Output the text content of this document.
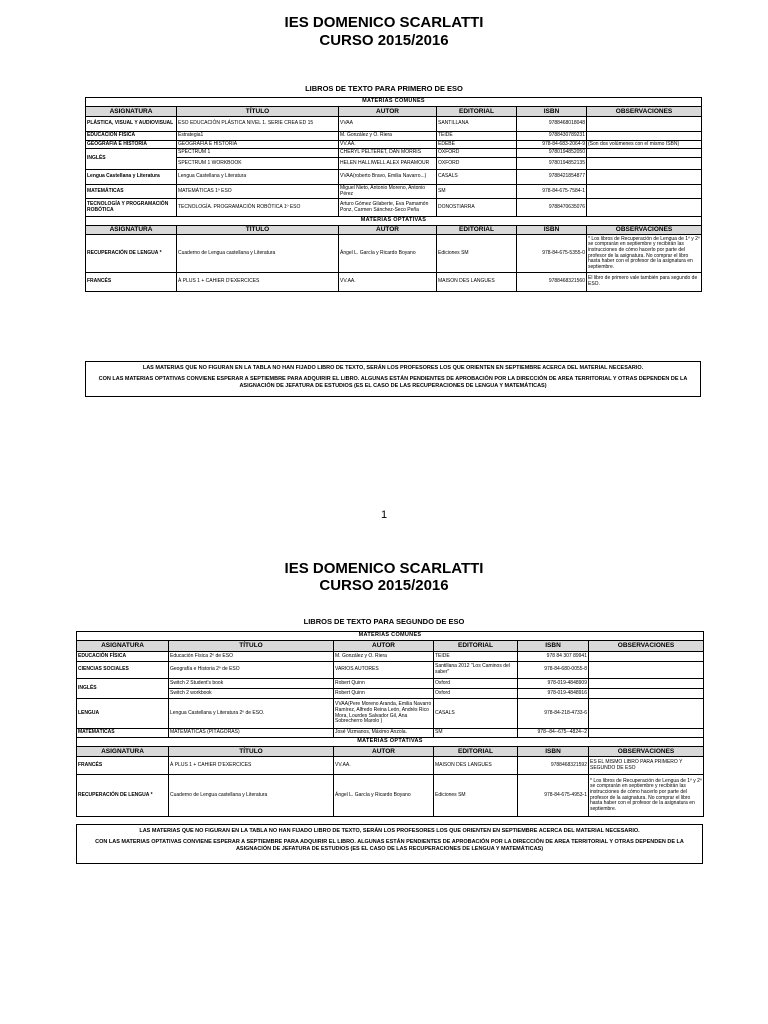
IES DOMENICO SCARLATTI
CURSO 2015/2016
LIBROS DE TEXTO PARA PRIMERO DE ESO
MATERIAS COMUNES					
ASIGNATURA	TÍTULO	AUTOR	EDITORIAL	ISBN	OBSERVACIONES
PLÁSTICA, VISUAL Y AUDIOVISUAL	ESO EDUCACIÓN PLÁSTICA NIVEL 1. SERIE CREA ED 15	VVAA	SANTILLANA	9788468018048	
EDUCACIÓN FÍSICA	Estrategia1	M. González y O. Riera	TEIDE	9788430789231	
GEOGRAFÍA E HISTORIA	GEOGRAFÍA E HISTORIA	VV.AA.	EDEBÉ	978-84-683-2064-9	(Son dos volúmenes con el mismo ISBN)
INGLÉS	SPECTRUM 1	CHERYL PELTERET, DAN MORRIS	OXFORD	9780194852050	
	SPECTRUM 1 WORKBOOK	HELEN HALLIWELL ALEX PARAMOUR	OXFORD	9780194852135	
Lengua Castellana y Literatura	Lengua Castellana y Literatura	VVAA(roberto Bravo, Emilia Navarro...)	CASALS	9788421854877	
MATEMÁTICAS	MATEMÁTICAS 1º ESO	Miguel Nieto, Antonio Moreno, Antonio Pérez	SM	978-84-675-7584-1	
TECNOLOGÍA Y PROGRAMACIÓN ROBÓTICA	TECNOLOGÍA. PROGRAMACIÓN ROBÓTICA 1º ESO	Arturo Gómez Gilaberte, Eva Pamamón Ponz, Carmen Sánchez-Seco Peña	DONOSTIARRA	9788470635076	
MATERIAS OPTATIVAS					
ASIGNATURA	TÍTULO	AUTOR	EDITORIAL	ISBN	OBSERVACIONES
RECUPERACIÓN DE LENGUA *	Cuaderno de Lengua castellana y Literatura	Ángel L. García y Ricardo Boyano	Ediciones SM	978-84-675-5355-0	* Los libros de Recuperación de Lengua de 1º y 2º se comprarán en septiembre y recibirán las instrucciones de cómo hacerlo por parte del profesor de la asignatura. No comprar el libro hasta haber con el profesor de la asignatura en septiembre.
FRANCÉS	À PLUS 1 + CAHIER D'EXERCICES	VV.AA.	MAISON DES LANGUES	9788468321560	El libro de primero vale también para segundo de ESO.

LAS MATERIAS QUE NO FIGURAN EN LA TABLA NO HAN FIJADO LIBRO DE TEXTO, SERÁN LOS PROFESORES LOS QUE ORIENTEN EN SEPTIEMBRE ACERCA DEL MATERIAL NECESARIO.

CON LAS MATERIAS OPTATIVAS CONVIENE ESPERAR A SEPTIEMBRE PARA ADQUIRIR EL LIBRO. ALGUNAS ESTÁN PENDIENTES DE APROBACIÓN POR LA DIRECCIÓN DE AREA TERRITORIAL Y OTRAS DEPENDEN DE LA ASIGNACIÓN DE JEFATURA DE ESTUDIOS (ES EL CASO DE LAS RECUPERACIONES DE LENGUA Y MATEMÁTICAS)

1
IES DOMENICO SCARLATTI
CURSO 2015/2016
LIBROS DE TEXTO PARA SEGUNDO DE ESO
MATERIAS COMUNES					
ASIGNATURA	TÍTULO	AUTOR	EDITORIAL	ISBN	OBSERVACIONES
EDUCACIÓN FÍSICA	Educación Física 2º de ESO	M. González y O. Riera	TEIDE	978 84 307 89941	
CIENCIAS SOCIALES	Geografía e Historia 2º de ESO	VARIOS AUTORES	Santillana 2012 "Los Caminos del saber"	978-84-680-0055-8	
INGLÉS	Switch 2 Student's book	Robert Quinn	Oxford	978-019-4848909	
	Switch 2 workbook	Robert Quinn	Oxford	978-019-4848916	
LENGUA	Lengua Castellana y Literatura 2º de ESO.	VVAA(Pere Moreno Aranda, Emilia Navarro Ramírez, Alfredo Reina León, Andrés Rico Mora, Lourdes Salvador Gil, Ana Sobrecherro Marolo )	CASALS	978-84-218-4733-6	
MATEMÁTICAS	MATEMÁTICAS (PITÁGORAS)	José Vizmanos, Máximo Anzola.	SM	978--84--675--4824--2	
MATERIAS OPTATIVAS					
ASIGNATURA	TÍTULO	AUTOR	EDITORIAL	ISBN	OBSERVACIONES
FRANCÉS	À PLUS 1 + CAHIER D'EXERCICES	VV.AA.	MAISON DES LANGUES	9788468321592	ES EL MISMO LIBRO PARA PRIMERO Y SEGUNDO DE ESO
RECUPERACIÓN DE LENGUA *	Cuaderno de Lengua castellana y Literatura	Ángel L. García y Ricardo Boyano	Ediciones SM	978-84-675-4953-1	* Los libros de Recuperación de Lengua de 1º y 2º se comprarán en septiembre y recibirán las instrucciones de cómo hacerlo por parte del profesor de la asignatura. No comprar el libro hasta haber con el profesor de la asignatura en septiembre.

LAS MATERIAS QUE NO FIGURAN EN LA TABLA NO HAN FIJADO LIBRO DE TEXTO, SERÁN LOS PROFESORES LOS QUE ORIENTEN EN SEPTIEMBRE ACERCA DEL MATERIAL NECESARIO.

CON LAS MATERIAS OPTATIVAS CONVIENE ESPERAR A SEPTIEMBRE PARA ADQUIRIR EL LIBRO. ALGUNAS ESTÁN PENDIENTES DE APROBACIÓN POR LA DIRECCIÓN DE AREA TERRITORIAL Y OTRAS DEPENDEN DE LA ASIGNACIÓN DE JEFATURA DE ESTUDIOS (ES EL CASO DE LAS RECUPERACIONES DE LENGUA Y MATEMÁTICAS)
